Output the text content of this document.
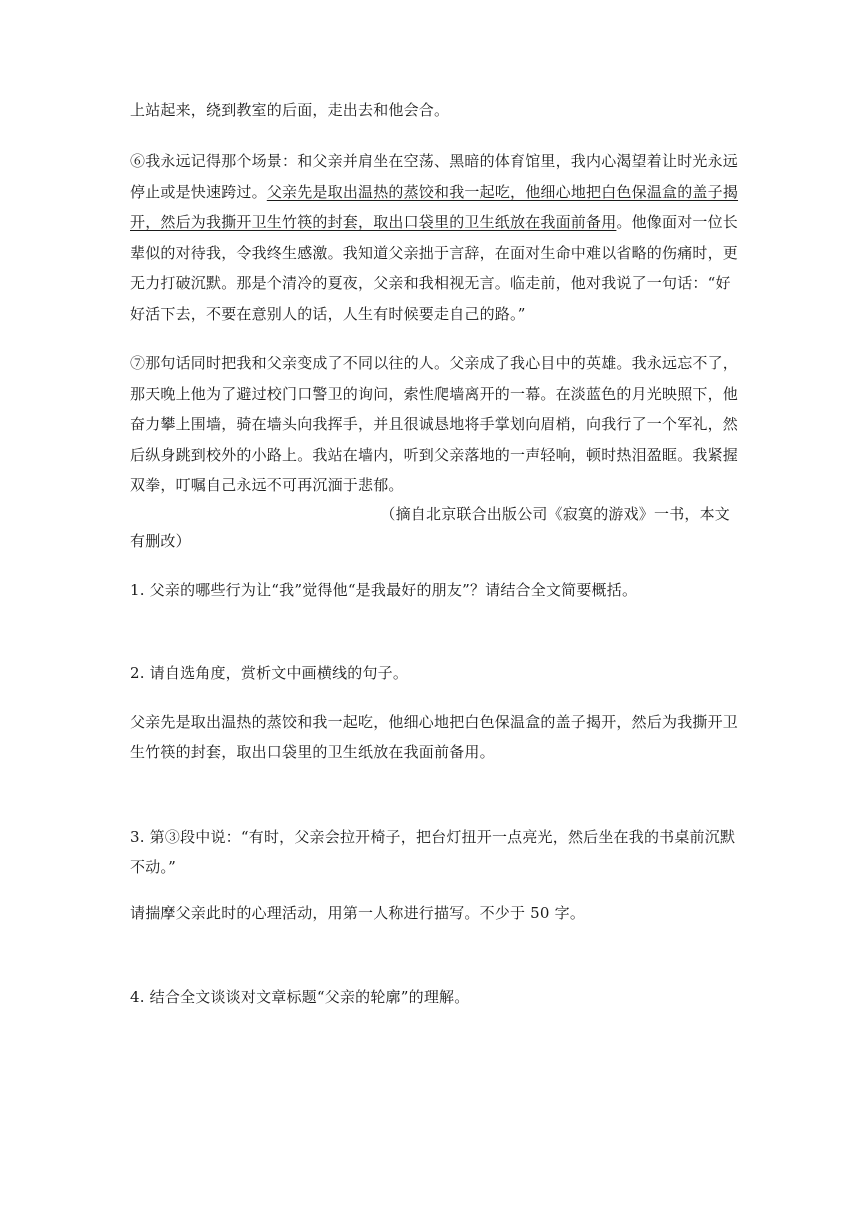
上站起来，绕到教室的后面，走出去和他会合。
⑥我永远记得那个场景：和父亲并肩坐在空荡、黑暗的体育馆里，我内心渴望着让时光永远
停止或是快速跨过。父亲先是取出温热的蒸饺和我一起吃，他细心地把白色保温盒的盖子揭
开，然后为我撕开卫生竹筷的封套，取出口袋里的卫生纸放在我面前备用。他像面对一位长
辈似的对待我，令我终生感激。我知道父亲拙于言辞，在面对生命中难以省略的伤痛时，更
无力打破沉默。那是个清冷的夏夜，父亲和我相视无言。临走前，他对我说了一句话：“好
好活下去，不要在意别人的话，人生有时候要走自己的路。”
⑦那句话同时把我和父亲变成了不同以往的人。父亲成了我心目中的英雄。我永远忘不了，
那天晚上他为了避过校门口警卫的询问，索性爬墙离开的一幕。在淡蓝色的月光映照下，他
奋力攀上围墙，骑在墙头向我挥手，并且很诚恳地将手掌划向眉梢，向我行了一个军礼，然
后纵身跳到校外的小路上。我站在墙内，听到父亲落地的一声轻响，顿时热泪盈眶。我紧握
双拳，叮嘱自己永远不可再沉湎于悲郁。
（摘自北京联合出版公司《寂寞的游戏》一书，本文
有删改）
1. 父亲的哪些行为让“我”觉得他“是我最好的朋友”？请结合全文简要概括。
2. 请自选角度，赏析文中画横线的句子。
父亲先是取出温热的蒸饺和我一起吃，他细心地把白色保温盒的盖子揭开，然后为我撕开卫
生竹筷的封套，取出口袋里的卫生纸放在我面前备用。
3. 第③段中说：“有时，父亲会拉开椅子，把台灯扭开一点亮光，然后坐在我的书桌前沉默
不动。”
请揣摩父亲此时的心理活动，用第一人称进行描写。不少于 50 字。
4. 结合全文谈谈对文章标题“父亲的轮廓”的理解。
